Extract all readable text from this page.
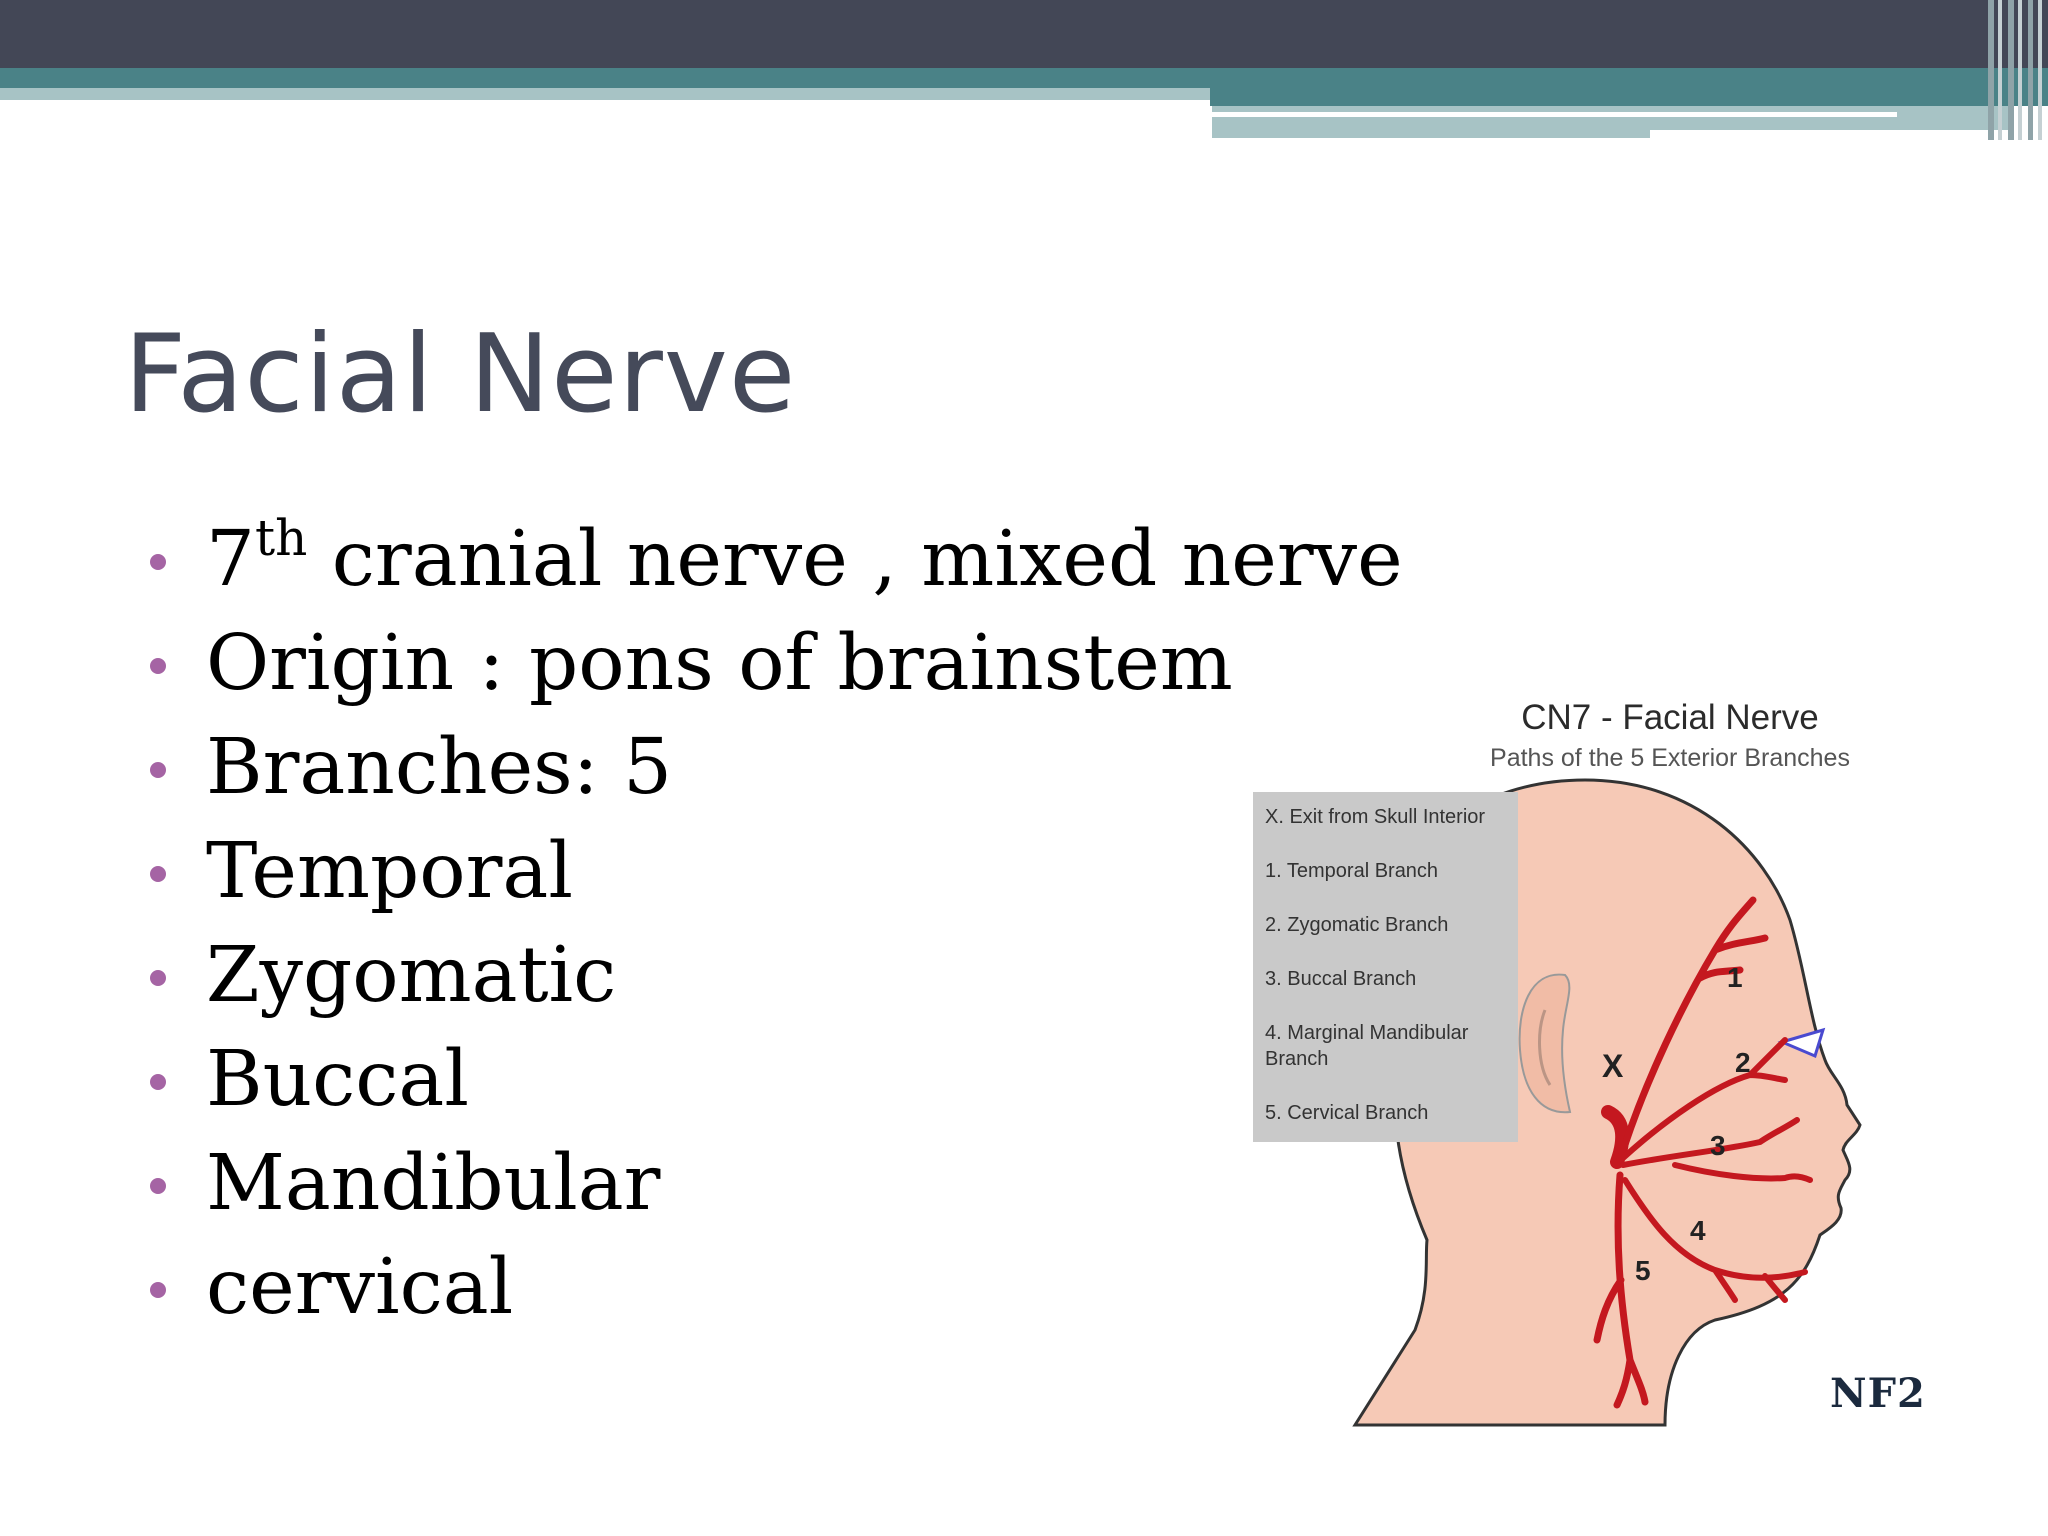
Facial Nerve
7th cranial nerve , mixed nerve
Origin : pons of brainstem
Branches: 5
Temporal
Zygomatic
Buccal
Mandibular
cervical
X
1
2
3
4
5
CN7 - Facial Nerve
Paths of the 5 Exterior Branches
X. Exit from Skull Interior
1. Temporal Branch
2. Zygomatic Branch
3. Buccal Branch
4. Marginal Mandibular Branch
5. Cervical Branch
NF2
